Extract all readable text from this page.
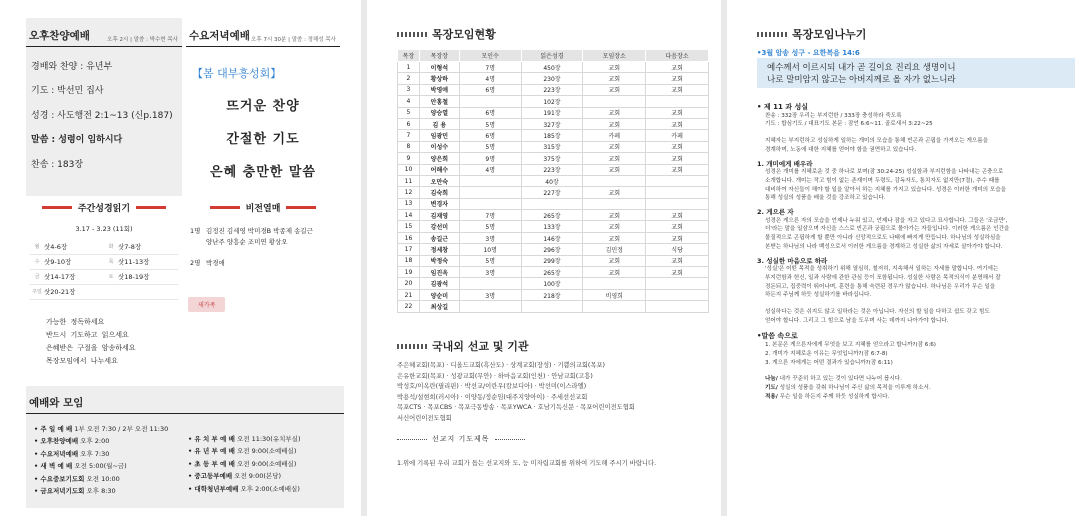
오후찬양예배	오후 2시 | 말씀 : 박수현 목사
경배와 찬양 : 유년부
기도 : 박선민 집사
성경 : 사도행전 2:1~13 (신p.187)
말씀 : 성령이 임하시다
찬송 : 183장
수요저녁예배 오후 7시 30분 | 말씀 : 정해성 목사
【봄 대부흥성회】
뜨거운 찬양
간절한 기도
은혜 충만한 말씀
주간성경읽기
3.17 - 3.23 (11회)
월	삿4-6장	화	삿7-8장
수	삿9-10장	목	삿11-13장
금	삿14-17장	토	삿18-19장
주일	삿20-21장		
가능한 정독하세요
반드시 기도하고 읽으세요
은혜받은 구절을 암송하세요
목장모임에서 나누세요
비전열매
1명 김정진 김세영 박미경B 박종제 송길근
양난주 양흥순 조미연 황상오
2명 박경애
새가족
예배와 모임
• 주 일 예 배 1부 오전 7:30 / 2부 오전 11:30
• 오후찬양예배 오후 2:00
• 수요저녁예배 오후 7:30
• 새 벽 예 배 오전 5:00(월~금)
• 수요중보기도회 오전 10:00
• 금요저녁기도회 오후 8:30
• 유 치 부 예 배 오전 11:30(유치부실)
• 유 년 부 예 배 오전 9:00(소예배실)
• 초 등 부 예 배 오전 9:00(소예배실)
• 중고등부예배 오전 9:00(본당)
• 대학청년부예배 오후 2:00(소예배실)
목장모임현황
목장	목장장	모인수	읽은성경	모임장소	다음장소
1	이형석	7명	450장	교회	교회
2	황상하	4명	230장	교회	교회
3	박영애	6명	223장	교회	교회
4	안홍철		102장		
5	양승열	6명	191장	교회	교회
6	김 용	5명	327장	교회	교회
7	임광민	6명	185장	카페	카페
8	이성수	5명	315장	교회	교회
9	양은희	9명	375장	교회	교회
10	어해수	4명	223장	교회	교회
11	오만숙		40장		
12	김숙희		227장	교회	
13	변경자				
14	김재영	7명	265장	교회	교회
15	강선미	5명	133장	교회	교회
16	송길근	3명	146장	교회	교회
17	정세창	10명	296장	김민정	식당
18	박정숙	5명	299장	교회	교회
19	임진옥	3명	265장	교회	교회
20	김광석		100장		
21	양순미	3명	218장	비영희	
22	최상길				
국내외 선교 및 기관
주은혜교회(목포) · 디올드교회(흑산도) · 상계교회(장성) · 기쁨의교회(목포)
은유한교회(목포) · 성광교회(무안) · 하마음교회(인천) · 안남교회(고흥)
박성호/이옥란(필리핀) · 박선교/이란우(캄보디아) · 박선미(이스라엘)
박용석/설현희(러시아) · 이양동/정순임(대주지양아이) · 주세선선교회
목포CTS · 목포CBS · 목포극동방송 · 목포YWCA · 호남기독신문 · 목포어린이전도협회
서신어린이전도협회
선교지 기도제목
1.위에 기록된 우리 교회가 돕는 선교지와 도, 능 미자립교회를 위하여 기도해 주시기 바랍니다.
목장모임나누기
•3월 암송 성구 - 요한복음 14:6
예수께서 이르시되 내가 곧 길이요 진리요 생명이니
나로 말미암지 않고는 아버지께로 올 자가 없느니라
• 제 11 과 성실

찬송 : 332장 우리는 부지런한 / 333장 충성하라 죽도록

기도 : 합심기도 / 대표기도 본문 : 잠언 6:6~11. 골로새서 3:22~25

지혜자는 부지런하고 성실하게 일하는 개미의 모습을 통해 빈곤과 곤핍을 가져오는 게으름을

경계하며, 노동에 대한 지혜를 얻어야 함을 권면하고 있습니다.

1. 개미에게 배우라

성경은 개미를 지혜로운 것 중 하나로 보며(잠 30:24-25) 성실함과 부지런함을 나타내는 곤충으로

소개합니다. 개미는 작고 힘이 없는 존재이며 두령도, 감독자도, 통치자도 없지만(7절), 추수 때를

대비하여 자신들이 해야 할 일을 알아서 하는 지혜를 가지고 있습니다. 성경은 이러한 개미의 모습을

통해 성실의 성품을 배울 것을 강조하고 있습니다.

2. 게으른 자

성경은 게으른 자의 모습을 언제나 누워 있고, 언제나 잠을 자고 있다고 묘사합니다. 그들은 '조금만',

더'라는 말을 일삼으며 자신을 스스로 빈곤과 궁핍으로 몰아가는 자들입니다. 이러한 게으름은 인간을

물질적으로 곤핍하게 할 뿐만 아니라 신앙적으로도 나태에 빠지게 만듭니다. 하나님의 성실하심을

본받는 하나님의 나라 백성으로서 이러한 게으름을 경계하고 성실한 삶의 자세로 살아가야 합니다.

3. 성실한 마음으로 하라

'성실'은 어떤 목적을 성취하기 위해 열심히, 철저히, 지속해서 일하는 자세를 말합니다. 여기에는

부지런함과 헌신, 일과 사람에 관한 관심 등이 포함됩니다. 성실한 사람은 목적의식이 분명해서 잘

정돈되고, 집중력이 뛰어나며, 훈련을 통해 숙련된 경우가 많습니다. 하나님은 우리가 무슨 일을

하든지 주님께 하듯 성실하기를 바라십니다.

성실하다는 것은 쉬지도 않고 일하라는 것은 아닙니다. 자신의 할 일을 다하고 쉼도 갖고 힘도

얻어야 합니다. 그리고 그 힘으로 남을 도우며 사는 데까지 나아가야 합니다.

•말씀 속으로

1. 본문은 게으른자에게 무엇을 보고 지혜를 얻으라고 합니까?(잠 6:6)

2. 개미가 지혜로운 이유는 무엇입니까?(잠 6:7-8)

3. 게으른 자에게는 어떤 결과가 있습니까?(잠 6:11)

나눔/ 내가 꾸준히 하고 있는 것이 있다면 나누어 봅시다.

기도/ 성실의 성품을 갖춰 하나님이 주신 삶의 목적을 이루게 하소서.

적용/ 무슨 일을 하든지 주께 하듯 성실하게 합시다.
